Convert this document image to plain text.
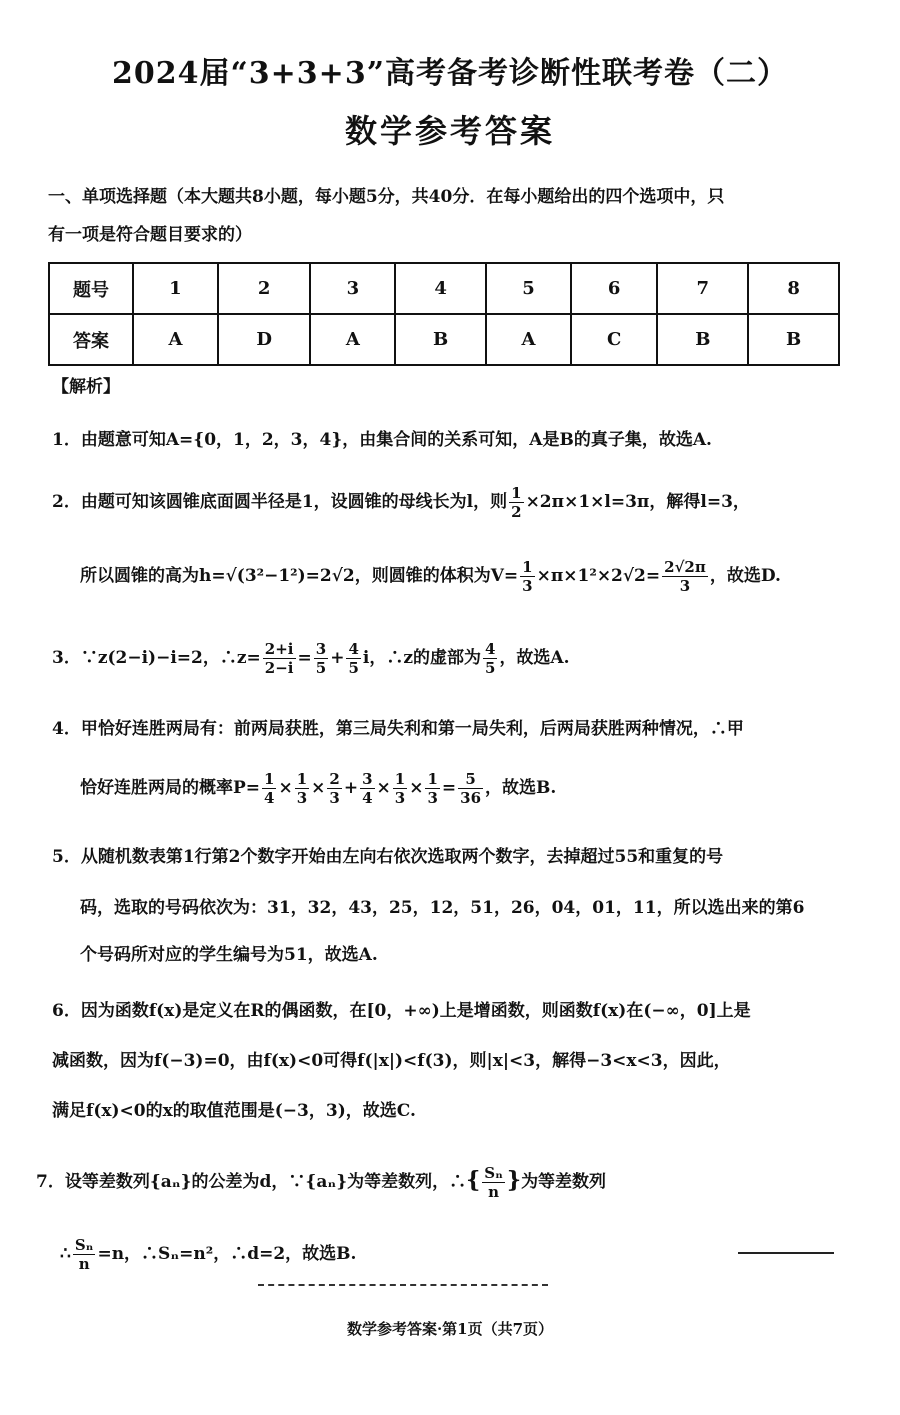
2024届“3+3+3”高考备考诊断性联考卷（二）
数学参考答案
一、单项选择题（本大题共8小题，每小题5分，共40分．在每小题给出的四个选项中，只
有一项是符合题目要求的）
题号	1	2	3	4	5	6	7	8
答案	A	D	A	B	A	C	B	B
【解析】
1．由题意可知A={0，1，2，3，4}，由集合间的关系可知，A是B的真子集，故选A.
2．由题可知该圆锥底面圆半径是1，设圆锥的母线长为l，则 $\frac{1}{2} \times 2\pi\times 1\times l=3\pi$，解得l=3，
所以圆锥的高为h=√(3²−1²)=2√2，则圆锥的体积为$V= \frac{1}{3} \times\pi\times 1^2\times 2√2= \frac{2√2\pi}{3}$ ，故选D.
3．∵z(2−i)−i=2，∴z= $\frac{2+i}{2-i} = \frac{3}{5} + \frac{4}{5}$ i，∴z的虚部为 $\frac{4}{5}$ ，故选A.
4．甲恰好连胜两局有：前两局获胜，第三局失利和第一局失利，后两局获胜两种情况，∴甲
恰好连胜两局的概率$P= \frac{1}{4} \times \frac{1}{3} \times \frac{2}{3} + \frac{3}{4} \times \frac{1}{3} \times \frac{1}{3} = \frac{5}{36}$ ，故选B.
5．从随机数表第1行第2个数字开始由左向右依次选取两个数字，去掉超过55和重复的号
码，选取的号码依次为：31，32，43，25，12，51，26，04，01，11，所以选出来的第6
个号码所对应的学生编号为51，故选A.
6．因为函数f(x)是定义在R的偶函数，在[0，+∞)上是增函数，则函数f(x)在(−∞，0]上是
减函数，因为f(−3)=0，由f(x)<0可得f(|x|)<f(3)，则|x|<3，解得−3<x<3，因此，
满足f(x)<0的x的取值范围是(−3，3)，故选C.
7．设等差数列{aₙ}的公差为d，∵{aₙ}为等差数列，∴{ $\frac{\text{Sₙ}}{n}$ }为等差数列
∴ $\frac{\text{Sₙ}}{n} =n$，∴Sₙ=n²，∴d=2，故选B.
数学参考答案·第1页（共7页）
